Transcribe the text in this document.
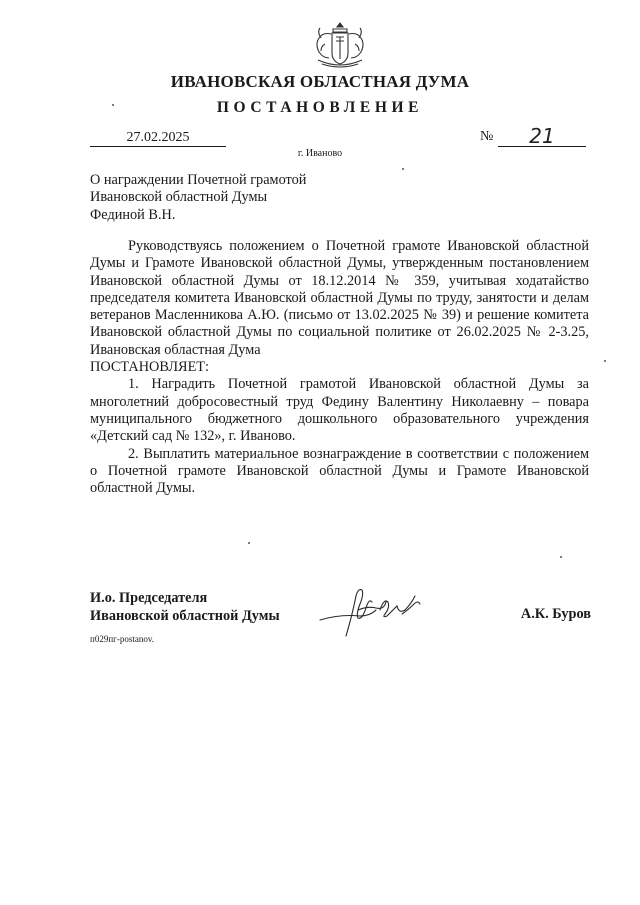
ИВАНОВСКАЯ ОБЛАСТНАЯ ДУМА
ПОСТАНОВЛЕНИЕ
27.02.2025	№	21
г. Иваново
О награждении Почетной грамотой
Ивановской областной Думы
Фединой В.Н.

Руководствуясь положением о Почетной грамоте Ивановской областной Думы и Грамоте Ивановской областной Думы, утвержденным постановлением Ивановской областной Думы от 18.12.2014 № 359, учитывая ходатайство председателя комитета Ивановской областной Думы по труду, занятости и делам ветеранов Масленникова А.Ю. (письмо от 13.02.2025 № 39) и решение комитета Ивановской областной Думы по социальной политике от 26.02.2025 № 2-3.25, Ивановская областная Дума

ПОСТАНОВЛЯЕТ:

1. Наградить Почетной грамотой Ивановской областной Думы за многолетний добросовестный труд Федину Валентину Николаевну – повара муниципального бюджетного дошкольного образовательного учреждения «Детский сад № 132», г. Иваново.

2. Выплатить материальное вознаграждение в соответствии с положением о Почетной грамоте Ивановской областной Думы и Грамоте Ивановской областной Думы.

И.о. Председателя
Ивановской областной Думы	А.К. Буров
п029пг-postanov.
